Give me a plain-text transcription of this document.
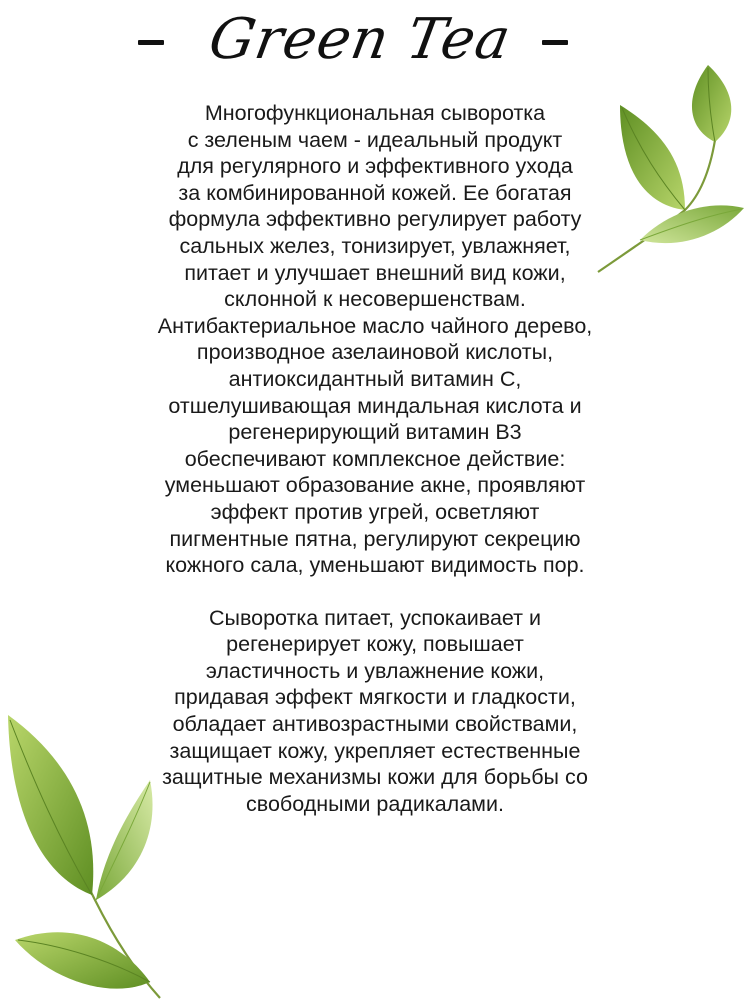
Green Tea

Многофункциональная сыворотка
с зеленым чаем - идеальный продукт
для регулярного и эффективного ухода
за комбинированной кожей. Ее богатая
формула эффективно регулирует работу
сальных желез, тонизирует, увлажняет,
питает и улучшает внешний вид кожи,
склонной к несовершенствам.
Антибактериальное масло чайного дерево,
производное азелаиновой кислоты,
антиоксидантный витамин С,
отшелушивающая миндальная кислота и
регенерирующий витамин В3
обеспечивают комплексное действие:
уменьшают образование акне, проявляют
эффект против угрей, осветляют
пигментные пятна, регулируют секрецию
кожного сала, уменьшают видимость пор.

Сыворотка питает, успокаивает и
регенерирует кожу, повышает
эластичность и увлажнение кожи,
придавая эффект мягкости и гладкости,
обладает антивозрастными свойствами,
защищает кожу, укрепляет естественные
защитные механизмы кожи для борьбы со
свободными радикалами.
